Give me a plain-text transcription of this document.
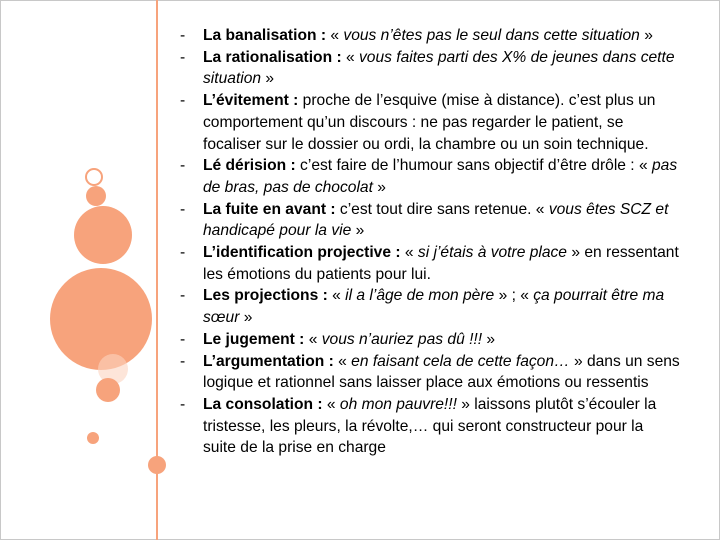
- La banalisation : « vous n’êtes pas le seul dans cette situation »
- La rationalisation : « vous faites parti des X% de jeunes dans cette situation »
- L’évitement : proche de l’esquive (mise à distance). c’est plus un comportement qu’un discours : ne pas regarder le patient, se focaliser sur le dossier ou ordi, la chambre ou un soin technique.
- Lé dérision : c’est faire de l’humour sans objectif d’être drôle : « pas de bras, pas de chocolat »
- La fuite en avant : c’est tout dire sans retenue. « vous êtes SCZ et handicapé pour la vie »
- L’identification projective : « si j’étais à votre place » en ressentant les émotions du patients pour lui.
- Les projections : « il a l’âge de mon père » ; « ça pourrait être ma sœur »
- Le jugement : « vous n’auriez pas dû !!! »
- L’argumentation : « en faisant cela de cette façon… » dans un sens logique et rationnel sans laisser place aux émotions ou ressentis
- La consolation : « oh mon pauvre!!! » laissons plutôt s’écouler la tristesse, les pleurs, la révolte,… qui seront constructeur pour la suite de la prise en charge
